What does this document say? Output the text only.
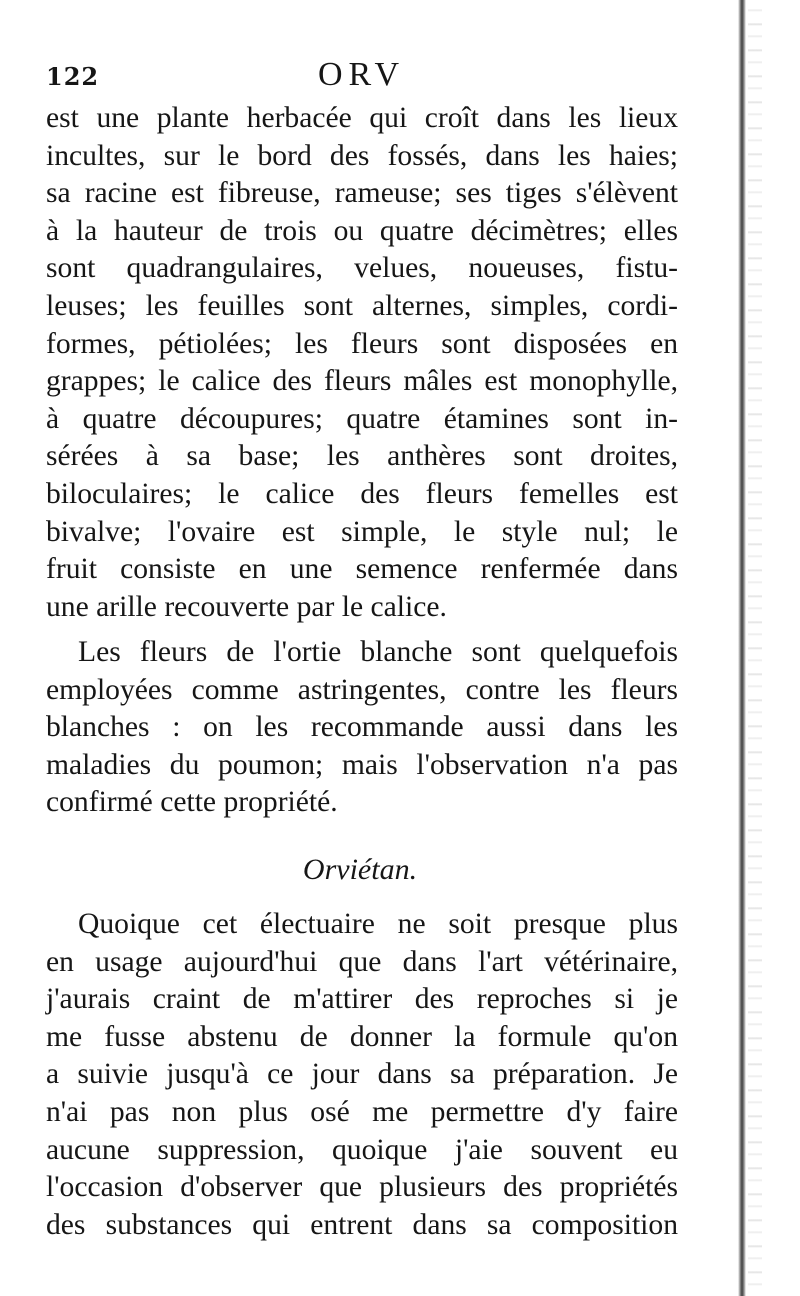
122	ORV
est une plante herbacée qui croît dans les lieux
incultes, sur le bord des fossés, dans les haies;
sa racine est fibreuse, rameuse; ses tiges s'élèvent
à la hauteur de trois ou quatre décimètres; elles
sont quadrangulaires, velues, noueuses, fistu-
leuses; les feuilles sont alternes, simples, cordi-
formes, pétiolées; les fleurs sont disposées en
grappes; le calice des fleurs mâles est monophylle,
à quatre découpures; quatre étamines sont in-
sérées à sa base; les anthères sont droites,
biloculaires; le calice des fleurs femelles est
bivalve; l'ovaire est simple, le style nul; le
fruit consiste en une semence renfermée dans
une arille recouverte par le calice.
Les fleurs de l'ortie blanche sont quelquefois
employées comme astringentes, contre les fleurs
blanches : on les recommande aussi dans les
maladies du poumon; mais l'observation n'a pas
confirmé cette propriété.
Orviétan.
Quoique cet électuaire ne soit presque plus
en usage aujourd'hui que dans l'art vétérinaire,
j'aurais craint de m'attirer des reproches si je
me fusse abstenu de donner la formule qu'on
a suivie jusqu'à ce jour dans sa préparation. Je
n'ai pas non plus osé me permettre d'y faire
aucune suppression, quoique j'aie souvent eu
l'occasion d'observer que plusieurs des propriétés
des substances qui entrent dans sa composition
